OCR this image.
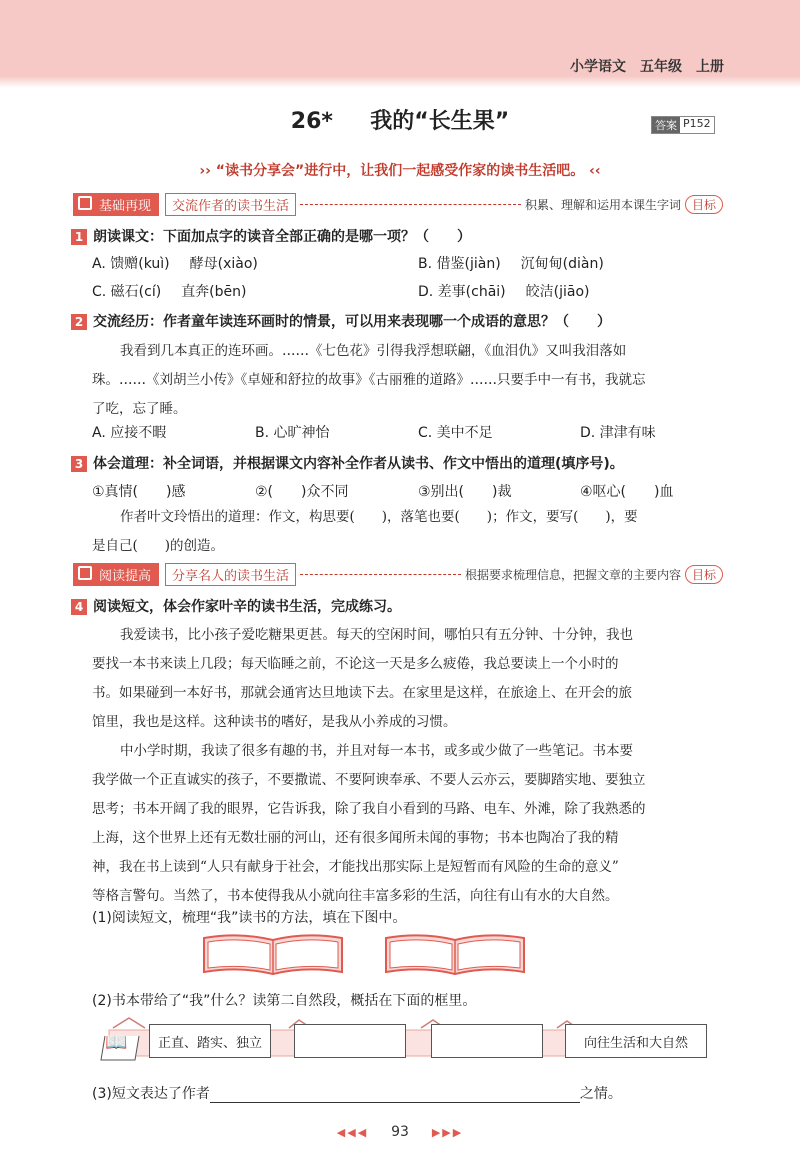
小学语文　五年级　上册
26* 我的“长生果”	答案 P152
›› “读书分享会”进行中，让我们一起感受作家的读书生活吧。 ‹‹
基础再现	交流作者的读书生活	积累、理解和运用本课生字词 目标
1 朗读课文：下面加点字的读音全部正确的是哪一项？（　　）
A. 馈赠(kuì) 酵母(xiào)	B. 借鉴(jiàn) 沉甸甸(diàn)
C. 磁石(cí) 直奔(bēn)	D. 差事(chāi) 皎洁(jiāo)
2 交流经历：作者童年读连环画时的情景，可以用来表现哪一个成语的意思？（　　）
我看到几本真正的连环画。……《七色花》引得我浮想联翩，《血泪仇》又叫我泪落如
珠。……《刘胡兰小传》《卓娅和舒拉的故事》《古丽雅的道路》……只要手中一有书，我就忘
了吃，忘了睡。
A. 应接不暇	B. 心旷神怡	C. 美中不足	D. 津津有味
3 体会道理：补全词语，并根据课文内容补全作者从读书、作文中悟出的道理(填序号)。
①真情(　　)感	②(　　)众不同	③别出(　　)裁	④呕心(　　)血
作者叶文玲悟出的道理：作文，构思要(　　)，落笔也要(　　)；作文，要写(　　)，要
是自己(　　)的创造。
阅读提高	分享名人的读书生活	根据要求梳理信息，把握文章的主要内容 目标
4 阅读短文，体会作家叶辛的读书生活，完成练习。
我爱读书，比小孩子爱吃糖果更甚。每天的空闲时间，哪怕只有五分钟、十分钟，我也
要找一本书来读上几段；每天临睡之前，不论这一天是多么疲倦，我总要读上一个小时的
书。如果碰到一本好书，那就会通宵达旦地读下去。在家里是这样，在旅途上、在开会的旅
馆里，我也是这样。这种读书的嗜好，是我从小养成的习惯。
中小学时期，我读了很多有趣的书，并且对每一本书，或多或少做了一些笔记。书本要
我学做一个正直诚实的孩子，不要撒谎、不要阿谀奉承、不要人云亦云，要脚踏实地、要独立
思考；书本开阔了我的眼界，它告诉我，除了我自小看到的马路、电车、外滩，除了我熟悉的
上海，这个世界上还有无数壮丽的河山，还有很多闻所未闻的事物；书本也陶冶了我的精
神，我在书上读到“人只有献身于社会，才能找出那实际上是短暂而有风险的生命的意义”
等格言警句。当然了，书本使得我从小就向往丰富多彩的生活，向往有山有水的大自然。
(1)阅读短文，梳理“我”读书的方法，填在下图中。
(2)书本带给了“我”什么？读第二自然段，概括在下面的框里。
📖	正直、踏实、独立	向往生活和大自然
(3)短文表达了作者	之情。
◀◀◀ 93 ▶▶▶
